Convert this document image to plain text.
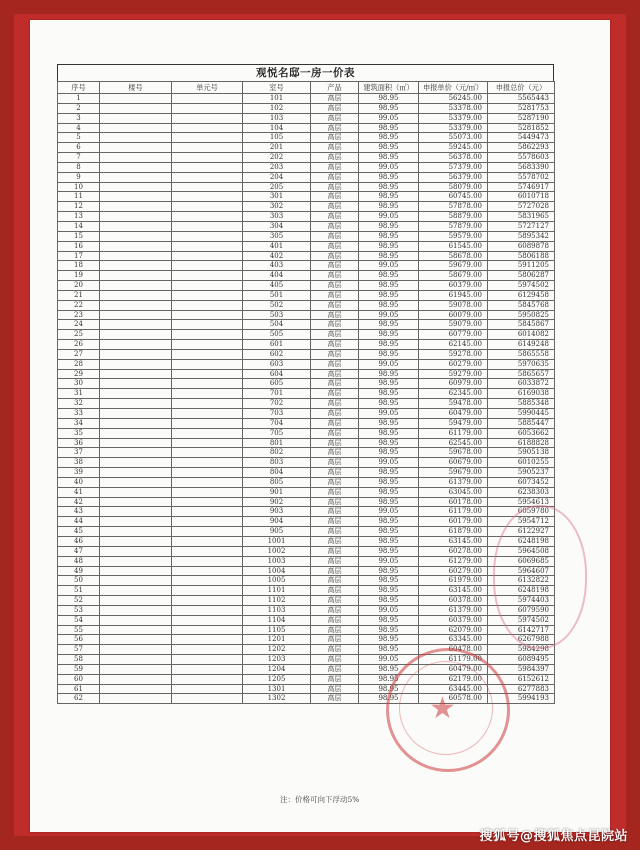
观悦名邸一房一价表
序号	楼号	单元号	室号	产品	建筑面积（㎡）	申报单价（元/㎡）	申报总价（元）
1			101	高层	98.95	56245.00	5565443
2			102	高层	98.95	53378.00	5281753
3			103	高层	99.05	53379.00	5287190
4			104	高层	98.95	53379.00	5281852
5			105	高层	98.95	55073.00	5449473
6			201	高层	98.95	59245.00	5862293
7			202	高层	98.95	56378.00	5578603
8			203	高层	99.05	57379.00	5683390
9			204	高层	98.95	56379.00	5578702
10			205	高层	98.95	58079.00	5746917
11			301	高层	98.95	60745.00	6010718
12			302	高层	98.95	57878.00	5727028
13			303	高层	99.05	58879.00	5831965
14			304	高层	98.95	57879.00	5727127
15			305	高层	98.95	59579.00	5895342
16			401	高层	98.95	61545.00	6089878
17			402	高层	98.95	58678.00	5806188
18			403	高层	99.05	59679.00	5911205
19			404	高层	98.95	58679.00	5806287
20			405	高层	98.95	60379.00	5974502
21			501	高层	98.95	61945.00	6129458
22			502	高层	98.95	59078.00	5845768
23			503	高层	99.05	60079.00	5950825
24			504	高层	98.95	59079.00	5845867
25			505	高层	98.95	60779.00	6014082
26			601	高层	98.95	62145.00	6149248
27			602	高层	98.95	59278.00	5865558
28			603	高层	99.05	60279.00	5970635
29			604	高层	98.95	59279.00	5865657
30			605	高层	98.95	60979.00	6033872
31			701	高层	98.95	62345.00	6169038
32			702	高层	98.95	59478.00	5885348
33			703	高层	99.05	60479.00	5990445
34			704	高层	98.95	59479.00	5885447
35			705	高层	98.95	61179.00	6053662
36			801	高层	98.95	62545.00	6188828
37			802	高层	98.95	59678.00	5905138
38			803	高层	99.05	60679.00	6010255
39			804	高层	98.95	59679.00	5905237
40			805	高层	98.95	61379.00	6073452
41			901	高层	98.95	63045.00	6238303
42			902	高层	98.95	60178.00	5954613
43			903	高层	99.05	61179.00	6059780
44			904	高层	98.95	60179.00	5954712
45			905	高层	98.95	61879.00	6122927
46			1001	高层	98.95	63145.00	6248198
47			1002	高层	98.95	60278.00	5964508
48			1003	高层	99.05	61279.00	6069685
49			1004	高层	98.95	60279.00	5964607
50			1005	高层	98.95	61979.00	6132822
51			1101	高层	98.95	63145.00	6248198
52			1102	高层	98.95	60378.00	5974403
53			1103	高层	99.05	61379.00	6079590
54			1104	高层	98.95	60379.00	5974502
55			1105	高层	98.95	62079.00	6142717
56			1201	高层	98.95	63345.00	6267988
57			1202	高层	98.95	60478.00	5984298
58			1203	高层	99.05	61179.00	6089495
59			1204	高层	98.95	60479.00	5984397
60			1205	高层	98.95	62179.00	6152612
61			1301	高层	98.95	63445.00	6277883
62			1302	高层	98.95	60578.00	5994193
注：价格可向下浮动5%
★
搜狐号@搜狐焦点昆院站
